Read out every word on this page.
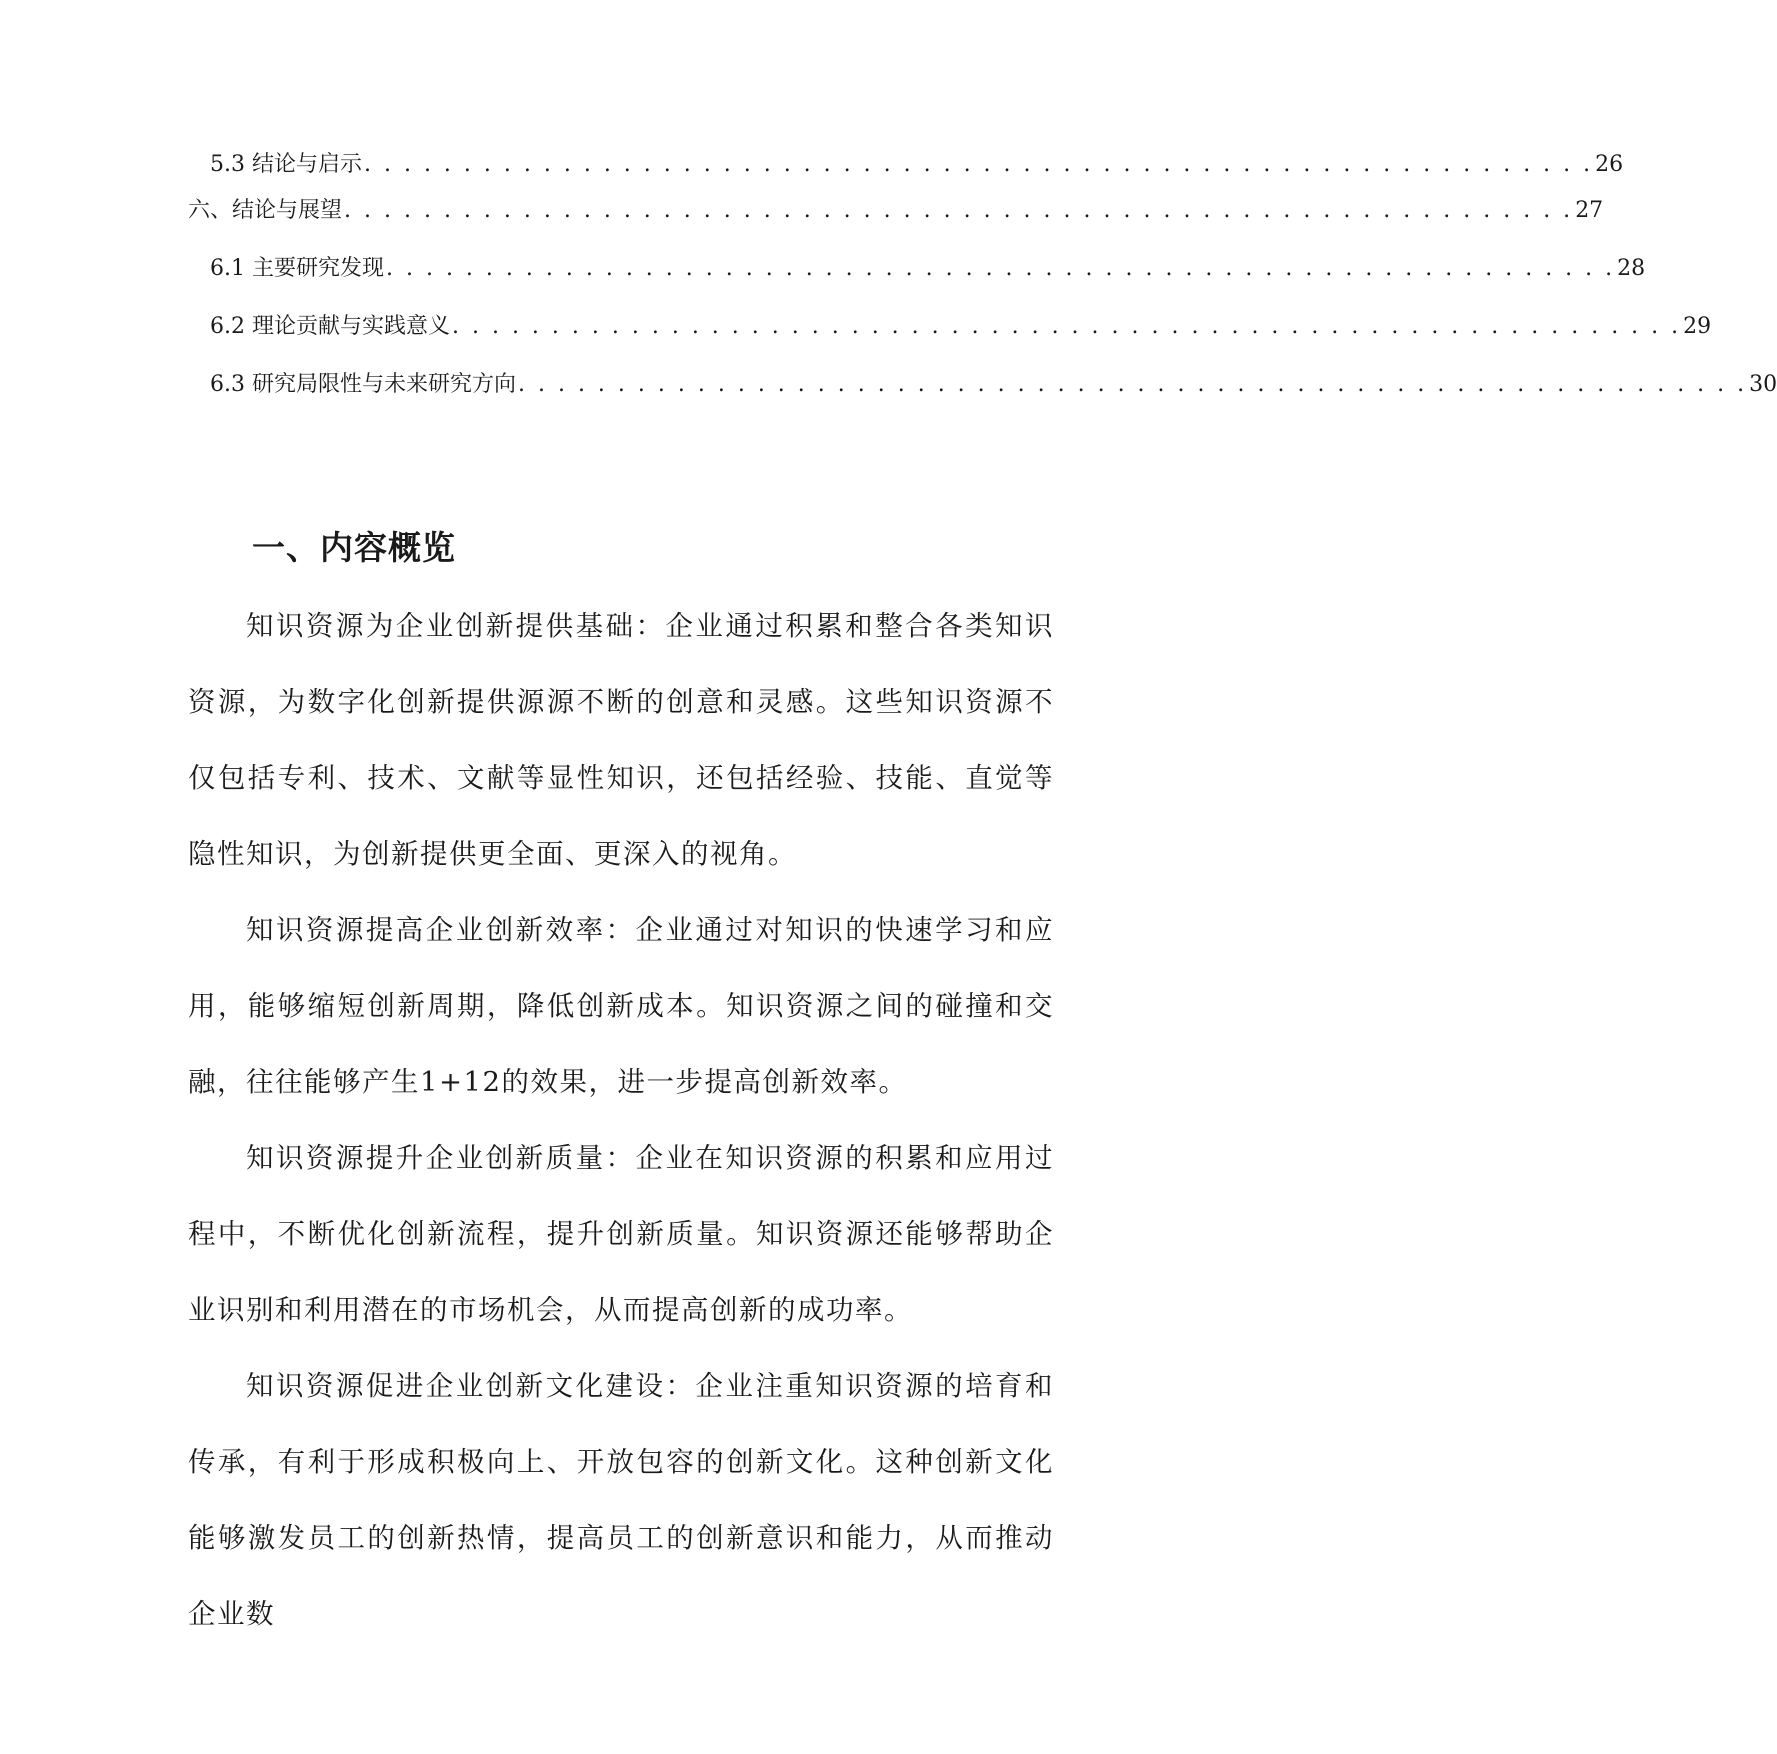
5.3 结论与启示 . . . . . . . . . . . . . . . . . . . . . . . . . . . . . . . . . . . . . . . . . . . . . . . . . . . . . . . . . . . . . . 26
六、结论与展望 . . . . . . . . . . . . . . . . . . . . . . . . . . . . . . . . . . . . . . . . . . . . . . . . . . . . . . . . . . . . . . 27
6.1 主要研究发现 . . . . . . . . . . . . . . . . . . . . . . . . . . . . . . . . . . . . . . . . . . . . . . . . . . . . . . . . . . . . . . 28
6.2 理论贡献与实践意义 . . . . . . . . . . . . . . . . . . . . . . . . . . . . . . . . . . . . . . . . . . . . . . . . . . . . . . . . . . . . . . 29
6.3 研究局限性与未来研究方向 . . . . . . . . . . . . . . . . . . . . . . . . . . . . . . . . . . . . . . . . . . . . . . . . . . . . . . . . . . . . . . 30
一、内容概览

知识资源为企业创新提供基础：企业通过积累和整合各类知识资源，为数字化创新提供源源不断的创意和灵感。这些知识资源不仅包括专利、技术、文献等显性知识，还包括经验、技能、直觉等隐性知识，为创新提供更全面、更深入的视角。

知识资源提高企业创新效率：企业通过对知识的快速学习和应用，能够缩短创新周期，降低创新成本。知识资源之间的碰撞和交融，往往能够产生1+12的效果，进一步提高创新效率。

知识资源提升企业创新质量：企业在知识资源的积累和应用过程中，不断优化创新流程，提升创新质量。知识资源还能够帮助企业识别和利用潜在的市场机会，从而提高创新的成功率。

知识资源促进企业创新文化建设：企业注重知识资源的培育和传承，有利于形成积极向上、开放包容的创新文化。这种创新文化能够激发员工的创新热情，提高员工的创新意识和能力，从而推动企业数
